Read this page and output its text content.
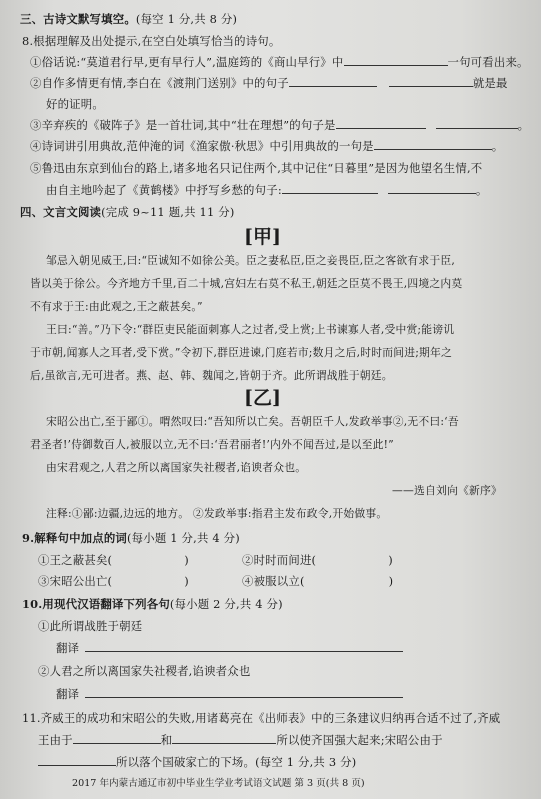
三、古诗文默写填空。(每空 1 分,共 8 分)
8.根据理解及出处提示,在空白处填写恰当的诗句。
①俗话说:“莫道君行早,更有早行人”,温庭筠的《商山早行》中	一句可看出来。
②自作多情更有情,李白在《渡荆门送别》中的句子	就是最
好的证明。
③辛弃疾的《破阵子》是一首壮词,其中“壮在理想”的句子是	。
④诗词讲引用典故,范仲淹的词《渔家傲·秋思》中引用典故的一句是	。
⑤鲁迅由东京到仙台的路上,诸多地名只记住两个,其中记住“日暮里”是因为他望名生情,不
由自主地吟起了《黄鹤楼》中抒写乡愁的句子:	。
四、文言文阅读(完成 9~11 题,共 11 分)
[甲]
邹忌入朝见威王,曰:“臣诚知不如徐公美。臣之妻私臣,臣之妾畏臣,臣之客欲有求于臣,
皆以美于徐公。今齐地方千里,百二十城,宫妇左右莫不私王,朝廷之臣莫不畏王,四境之内莫
不有求于王:由此观之,王之蔽甚矣。”
王曰:“善。”乃下令:“群臣吏民能面刺寡人之过者,受上赏;上书谏寡人者,受中赏;能谤讥
于市朝,闻寡人之耳者,受下赏。”令初下,群臣进谏,门庭若市;数月之后,时时而间进;期年之
后,虽欲言,无可进者。燕、赵、韩、魏闻之,皆朝于齐。此所谓战胜于朝廷。
[乙]
宋昭公出亡,至于鄙①。喟然叹曰:“吾知所以亡矣。吾朝臣千人,发政举事②,无不曰:‘吾
君圣者!’侍御数百人,被服以立,无不曰:‘吾君丽者!’内外不闻吾过,是以至此!”
由宋君观之,人君之所以离国家失社稷者,谄谀者众也。
——选自刘向《新序》
注释:①鄙:边疆,边远的地方。 ②发政举事:指君主发布政令,开始做事。
9.解释句中加点的词(每小题 1 分,共 4 分)
①王之蔽甚矣(	)	②时时而间进(	)
③宋昭公出亡(	)	④被服以立(	)
10.用现代汉语翻译下列各句(每小题 2 分,共 4 分)
①此所谓战胜于朝廷
翻译
②人君之所以离国家失社稷者,谄谀者众也
翻译
11.齐威王的成功和宋昭公的失败,用诸葛亮在《出师表》中的三条建议归纳再合适不过了,齐威
王由于	和	所以使齐国强大起来;宋昭公由于
所以落个国破家亡的下场。(每空 1 分,共 3 分)
2017 年内蒙古通辽市初中毕业生学业考试语文试题 第 3 页(共 8 页)
